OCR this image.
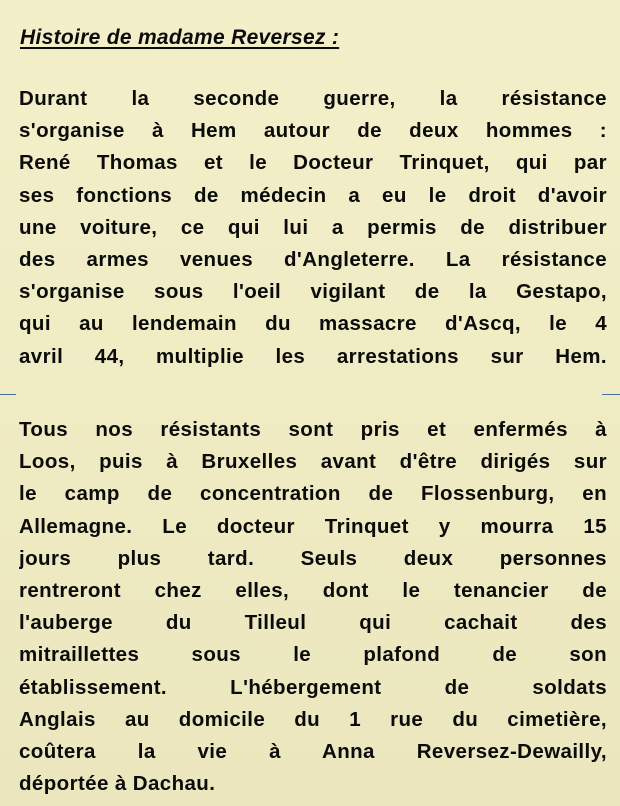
Histoire de madame Reversez :
Durant la seconde guerre, la résistance
s'organise à Hem autour de deux hommes :
René Thomas et le Docteur Trinquet, qui par
ses fonctions de médecin a eu le droit d'avoir
une voiture, ce qui lui a permis de distribuer
des armes venues d'Angleterre. La résistance
s'organise sous l'oeil vigilant de la Gestapo,
qui au lendemain du massacre d'Ascq, le 4
avril 44, multiplie les arrestations sur Hem.
Tous nos résistants sont pris et enfermés à
Loos, puis à Bruxelles avant d'être dirigés sur
le camp de concentration de Flossenburg, en
Allemagne. Le docteur Trinquet y mourra 15
jours plus tard. Seuls deux personnes
rentreront chez elles, dont le tenancier de
l'auberge du Tilleul qui cachait des
mitraillettes sous le plafond de son
établissement. L'hébergement de soldats
Anglais au domicile du 1 rue du cimetière,
coûtera la vie à Anna Reversez-Dewailly,
déportée à Dachau.
